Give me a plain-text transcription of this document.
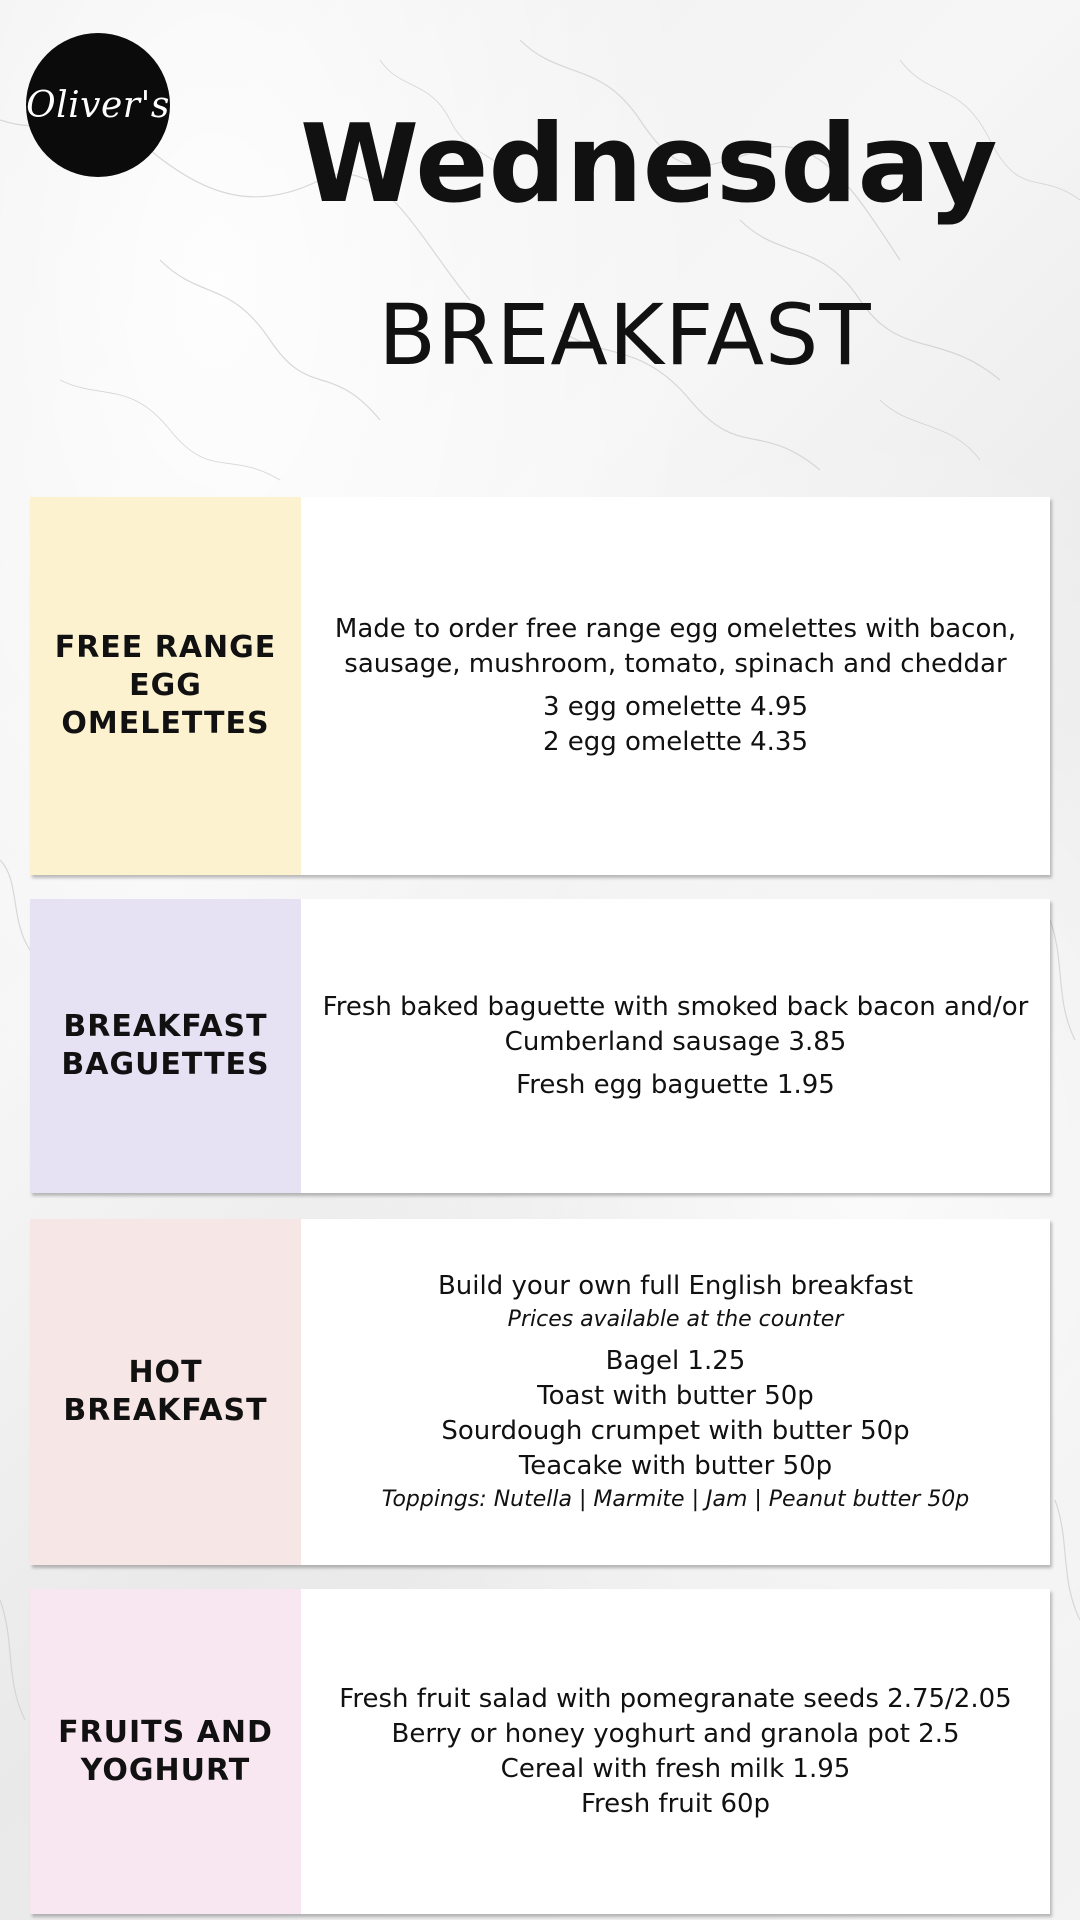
Oliver's Wednesday
BREAKFAST
FREE RANGE EGG OMELETTES
Made to order free range egg omelettes with bacon,
sausage, mushroom, tomato, spinach and cheddar
3 egg omelette 4.95
2 egg omelette 4.35
BREAKFAST BAGUETTES
Fresh baked baguette with smoked back bacon and/or
Cumberland sausage 3.85
Fresh egg baguette 1.95
HOT BREAKFAST
Build your own full English breakfast
Prices available at the counter
Bagel 1.25
Toast with butter 50p
Sourdough crumpet with butter 50p
Teacake with butter 50p
Toppings: Nutella | Marmite | Jam | Peanut butter 50p
FRUITS AND YOGHURT
Fresh fruit salad with pomegranate seeds 2.75/2.05
Berry or honey yoghurt and granola pot 2.5
Cereal with fresh milk 1.95
Fresh fruit 60p
